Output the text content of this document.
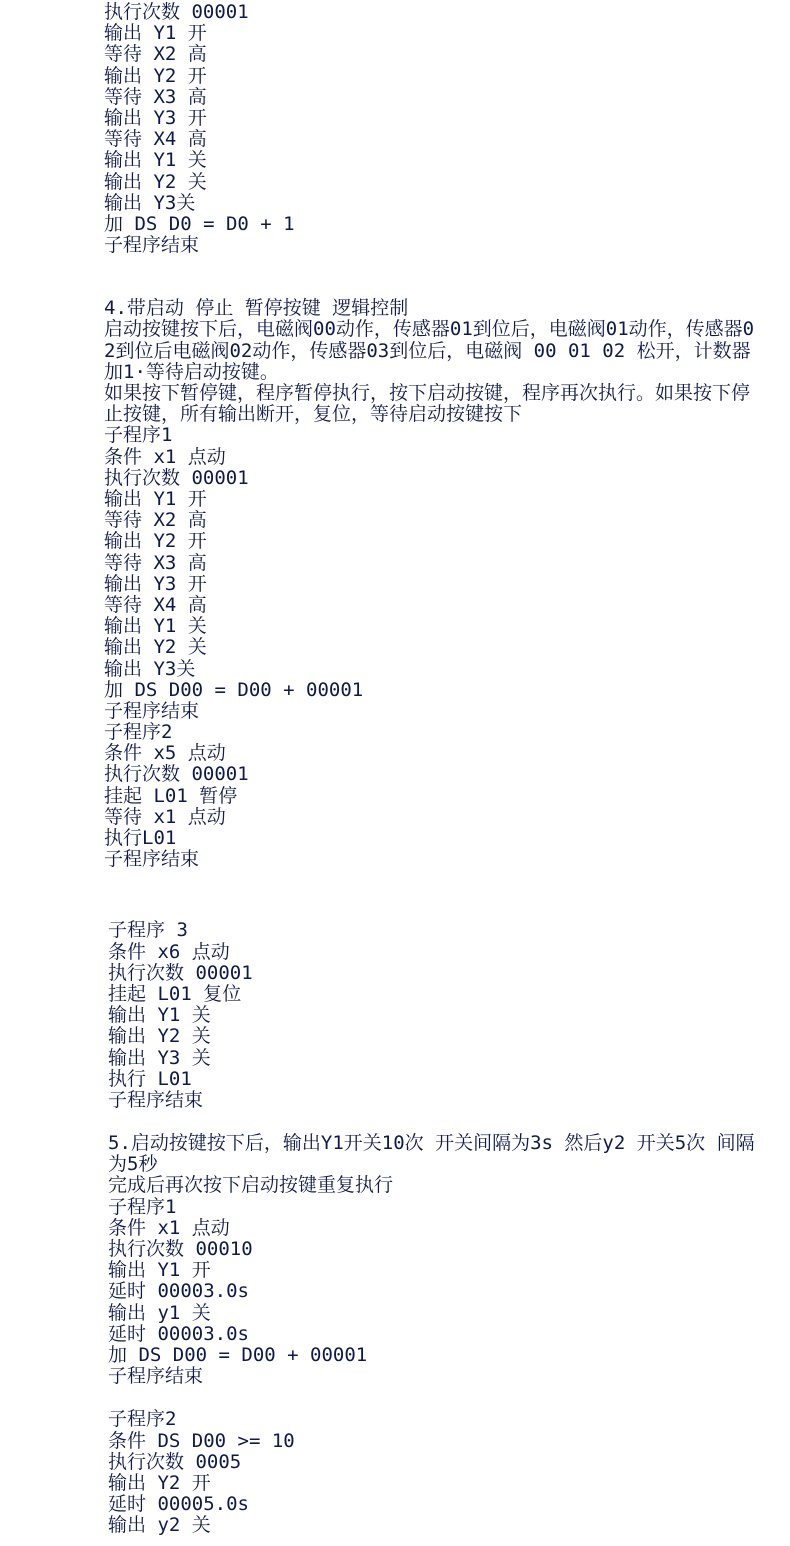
执行次数 00001
输出 Y1 开
等待 X2 高
输出 Y2 开
等待 X3 高
输出 Y3 开
等待 X4 高
输出 Y1 关
输出 Y2 关
输出 Y3关
加 DS D0 = D0 + 1
子程序结束
4.带启动 停止 暂停按键 逻辑控制
启动按键按下后，电磁阀00动作，传感器01到位后，电磁阀01动作，传感器02到位后电磁阀02动作，传感器03到位后，电磁阀 00 01 02 松开，计数器加1·等待启动按键。
如果按下暂停键，程序暂停执行，按下启动按键，程序再次执行。如果按下停止按键，所有输出断开，复位，等待启动按键按下
子程序1
条件 x1 点动
执行次数 00001
输出 Y1 开
等待 X2 高
输出 Y2 开
等待 X3 高
输出 Y3 开
等待 X4 高
输出 Y1 关
输出 Y2 关
输出 Y3关
加 DS D00 = D00 + 00001
子程序结束
子程序2
条件 x5 点动
执行次数 00001
挂起 L01 暂停
等待 x1 点动
执行L01
子程序结束
子程序 3
条件 x6 点动
执行次数 00001
挂起 L01 复位
输出 Y1 关
输出 Y2 关
输出 Y3 关
执行 L01
子程序结束
5.启动按键按下后，输出Y1开关10次 开关间隔为3s 然后y2 开关5次 间隔为5秒
完成后再次按下启动按键重复执行
子程序1
条件 x1 点动
执行次数 00010
输出 Y1 开
延时 00003.0s
输出 y1 关
延时 00003.0s
加 DS D00 = D00 + 00001
子程序结束
子程序2
条件 DS D00 >= 10
执行次数 0005
输出 Y2 开
延时 00005.0s
输出 y2 关
